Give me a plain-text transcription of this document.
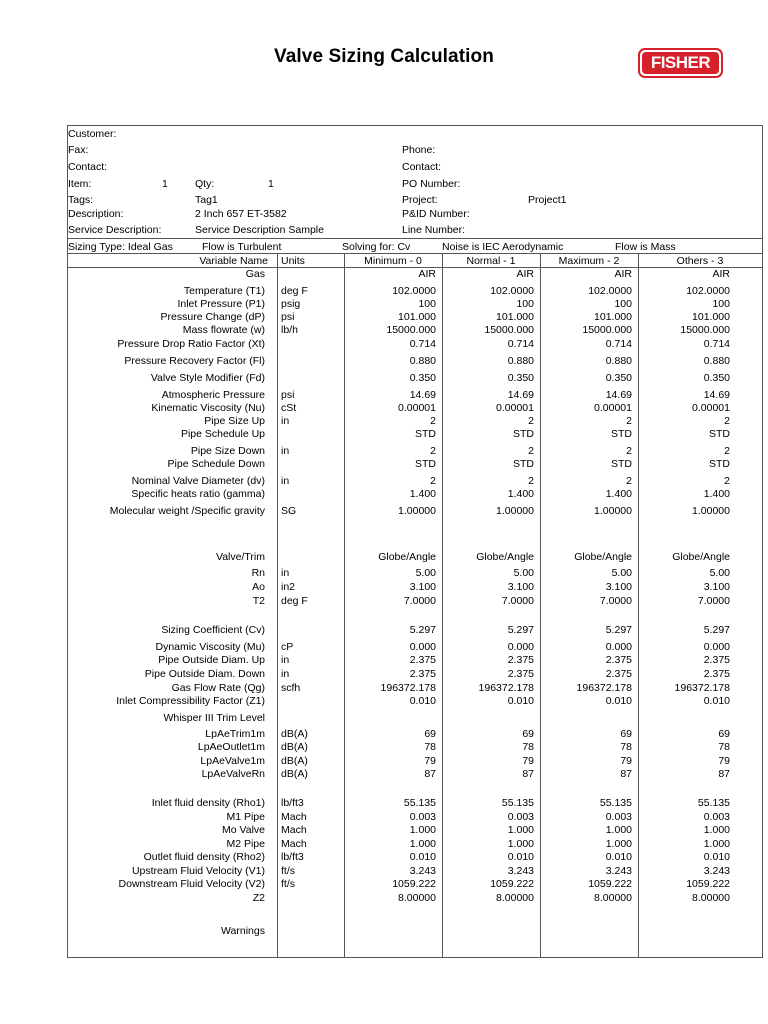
Valve Sizing Calculation	FISHER
Customer:
Fax:
Contact:
Item:	1	Qty:	1
Tags:	Tag1
Description:	2 Inch 657 ET-3582
Service Description:	Service Description Sample
Phone:
Contact:
PO Number:
Project:	Project1
P&ID Number:
Line Number:
Sizing Type: Ideal Gas	Flow is Turbulent	Solving for: Cv	Noise is IEC Aerodynamic	Flow is Mass
Variable Name Units	Minimum - 0	Normal - 1	Maximum - 2	Others - 3
Gas	AIR	AIR	AIR	AIR
Temperature (T1) deg F	102.0000	102.0000	102.0000	102.0000
Inlet Pressure (P1) psig	100	100	100	100
Pressure Change (dP) psi	101.000	101.000	101.000	101.000
Mass flowrate (w) lb/h	15000.000	15000.000	15000.000	15000.000
Pressure Drop Ratio Factor (Xt)	0.714	0.714	0.714	0.714
Pressure Recovery Factor (Fl)	0.880	0.880	0.880	0.880
Valve Style Modifier (Fd)	0.350	0.350	0.350	0.350
Atmospheric Pressure psi	14.69	14.69	14.69	14.69
Kinematic Viscosity (Nu) cSt	0.00001	0.00001	0.00001	0.00001
Pipe Size Up in	2	2	2	2
Pipe Schedule Up	STD	STD	STD	STD
Pipe Size Down in	2	2	2	2
Pipe Schedule Down	STD	STD	STD	STD
Nominal Valve Diameter (dv) in	2	2	2	2
Specific heats ratio (gamma)	1.400	1.400	1.400	1.400
Molecular weight /Specific gravity SG	1.00000	1.00000	1.00000	1.00000
Valve/Trim	Globe/Angle	Globe/Angle	Globe/Angle	Globe/Angle
Rn in	5.00	5.00	5.00	5.00
Ao in2	3.100	3.100	3.100	3.100
T2 deg F	7.0000	7.0000	7.0000	7.0000
Sizing Coefficient (Cv)	5.297	5.297	5.297	5.297
Dynamic Viscosity (Mu) cP	0.000	0.000	0.000	0.000
Pipe Outside Diam. Up in	2.375	2.375	2.375	2.375
Pipe Outside Diam. Down in	2.375	2.375	2.375	2.375
Gas Flow Rate (Qg) scfh	196372.178	196372.178	196372.178	196372.178
Inlet Compressibility Factor (Z1)	0.010	0.010	0.010	0.010
Whisper III Trim Level
LpAeTrim1m dB(A)	69	69	69	69
LpAeOutlet1m dB(A)	78	78	78	78
LpAeValve1m dB(A)	79	79	79	79
LpAeValveRn dB(A)	87	87	87	87
Inlet fluid density (Rho1) lb/ft3	55.135	55.135	55.135	55.135
M1 Pipe Mach	0.003	0.003	0.003	0.003
Mo Valve Mach	1.000	1.000	1.000	1.000
M2 Pipe Mach	1.000	1.000	1.000	1.000
Outlet fluid density (Rho2) lb/ft3	0.010	0.010	0.010	0.010
Upstream Fluid Velocity (V1) ft/s	3.243	3.243	3.243	3.243
Downstream Fluid Velocity (V2) ft/s	1059.222	1059.222	1059.222	1059.222
Z2	8.00000	8.00000	8.00000	8.00000
Warnings
